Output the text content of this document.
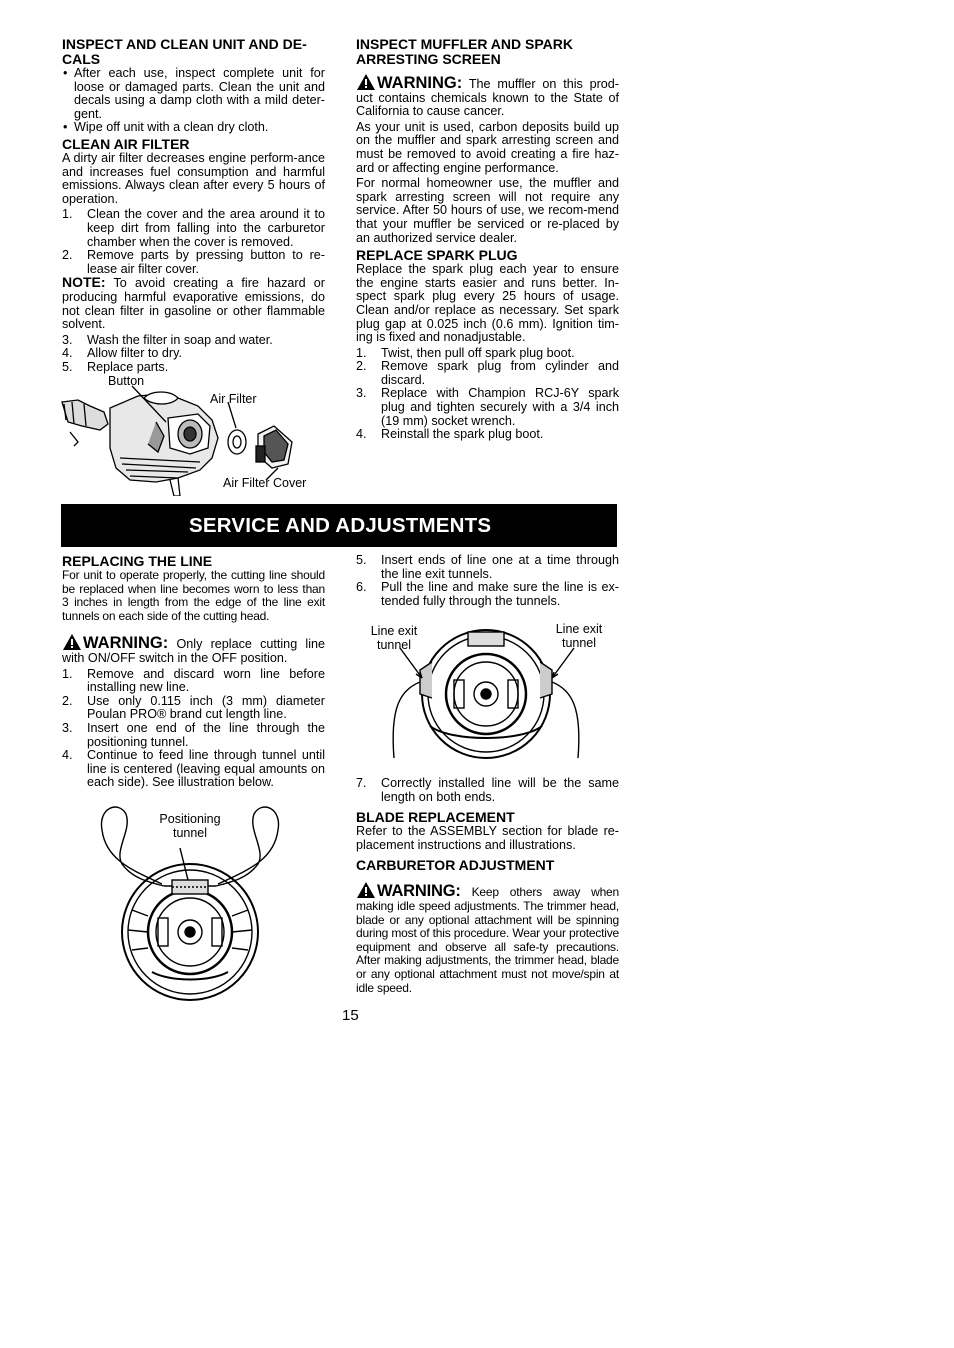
INSPECT AND CLEAN UNIT AND DE-CALS
• After each use, inspect complete unit for loose or damaged parts. Clean the unit and decals using a damp cloth with a mild deter-gent.
• Wipe off unit with a clean dry cloth.
CLEAN AIR FILTER

A dirty air filter decreases engine perform-ance and increases fuel consumption and harmful emissions. Always clean after every 5 hours of operation.

1. Clean the cover and the area around it to keep dirt from falling into the carburetor chamber when the cover is removed.
2. Remove parts by pressing button to re-lease air filter cover.

NOTE: To avoid creating a fire hazard or producing harmful evaporative emissions, do not clean filter in gasoline or other flammable solvent.

3. Wash the filter in soap and water.
4. Allow filter to dry.
5. Replace parts.
Button
Air Filter
Air Filter Cover
INSPECT MUFFLER AND SPARK ARRESTING SCREEN

WARNING: The muffler on this prod-uct contains chemicals known to the State of California to cause cancer.

As your unit is used, carbon deposits build up on the muffler and spark arresting screen and must be removed to avoid creating a fire haz-ard or affecting engine performance.

For normal homeowner use, the muffler and spark arresting screen will not require any service. After 50 hours of use, we recom-mend that your muffler be serviced or re-placed by an authorized service dealer.

REPLACE SPARK PLUG

Replace the spark plug each year to ensure the engine starts easier and runs better. In-spect spark plug every 25 hours of usage. Clean and/or replace as necessary. Set spark plug gap at 0.025 inch (0.6 mm). Ignition tim-ing is fixed and nonadjustable.

1. Twist, then pull off spark plug boot.
2. Remove spark plug from cylinder and discard.
3. Replace with Champion RCJ-6Y spark plug and tighten securely with a 3/4 inch (19 mm) socket wrench.
4. Reinstall the spark plug boot.
SERVICE AND ADJUSTMENTS
REPLACING THE LINE

For unit to operate properly, the cutting line should be replaced when line becomes worn to less than 3 inches in length from the edge of the line exit tunnels on each side of the cutting head.

WARNING: Only replace cutting line with ON/OFF switch in the OFF position.

1. Remove and discard worn line before installing new line.
2. Use only 0.115 inch (3 mm) diameter Poulan PRO® brand cut length line.
3. Insert one end of the line through the positioning tunnel.
4. Continue to feed line through tunnel until line is centered (leaving equal amounts on each side). See illustration below.
Positioning tunnel
5. Insert ends of line one at a time through the line exit tunnels.
6. Pull the line and make sure the line is ex-tended fully through the tunnels.
Line exit tunnel
Line exit tunnel
7. Correctly installed line will be the same length on both ends.
BLADE REPLACEMENT

Refer to the ASSEMBLY section for blade re-placement instructions and illustrations.

CARBURETOR ADJUSTMENT

WARNING: Keep others away when making idle speed adjustments. The trimmer head, blade or any optional attachment will be spinning during most of this procedure. Wear your protective equipment and observe all safe-ty precautions. After making adjustments, the trimmer head, blade or any optional attachment must not move/spin at idle speed.

15
